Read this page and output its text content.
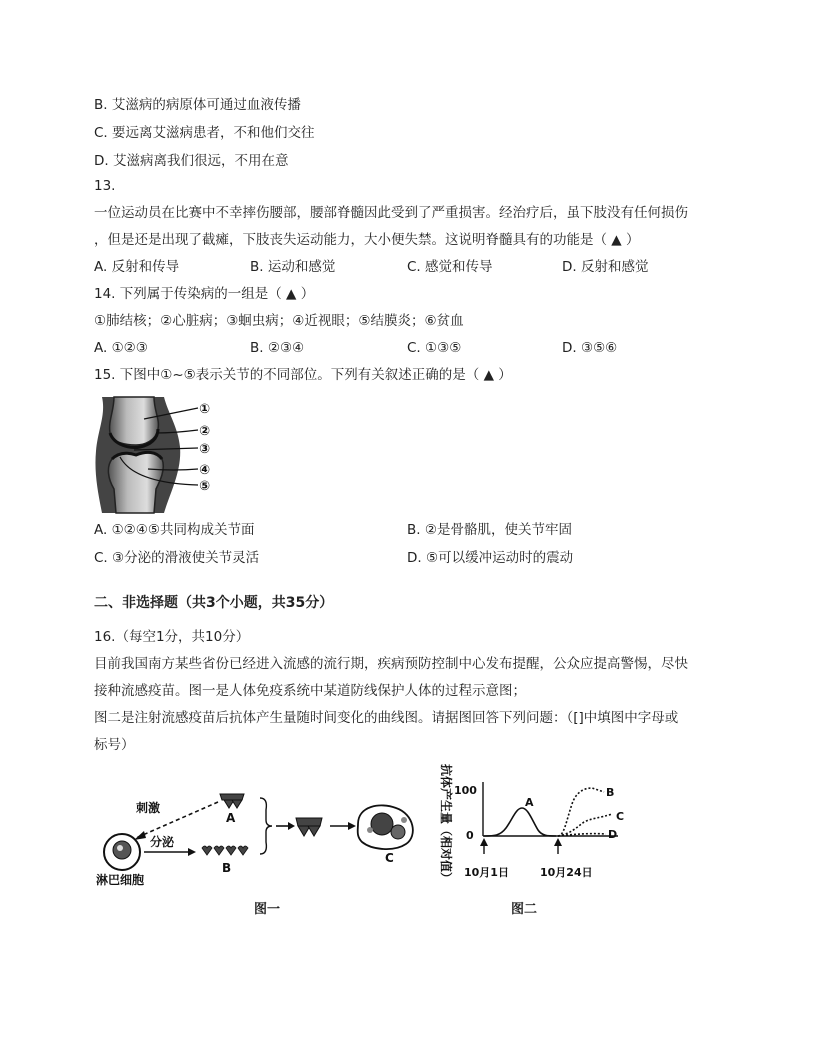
B. 艾滋病的病原体可通过血液传播
C. 要远离艾滋病患者，不和他们交往
D. 艾滋病离我们很远，不用在意
13.
一位运动员在比赛中不幸摔伤腰部，腰部脊髓因此受到了严重损害。经治疗后，虽下肢没有任何损伤
，但是还是出现了截瘫，下肢丧失运动能力，大小便失禁。这说明脊髓具有的功能是（ ▲ ）
A. 反射和传导	B. 运动和感觉	C. 感觉和传导	D. 反射和感觉
14. 下列属于传染病的一组是（ ▲ ）
①肺结核；②心脏病；③蛔虫病；④近视眼；⑤结膜炎；⑥贫血
A. ①②③	B. ②③④	C. ①③⑤	D. ③⑤⑥
15. 下图中①~⑤表示关节的不同部位。下列有关叙述正确的是（ ▲ ）
①
②
③
④
⑤
A. ①②④⑤共同构成关节面	B. ②是骨骼肌，使关节牢固
C. ③分泌的滑液使关节灵活	D. ⑤可以缓冲运动时的震动
二、非选择题（共3个小题，共35分）
16.（每空1分，共10分）
目前我国南方某些省份已经进入流感的流行期，疾病预防控制中心发布提醒，公众应提高警惕，尽快
接种流感疫苗。图一是人体免疫系统中某道防线保护人体的过程示意图；
图二是注射流感疫苗后抗体产生量随时间变化的曲线图。请据图回答下列问题：（[]中填图中字母或
标号）
刺激
分泌
A
B
C
淋巴细胞
图一
抗体产生量（相对值） 100
0
A
B
C
D
10月1日	10月24日
图二
